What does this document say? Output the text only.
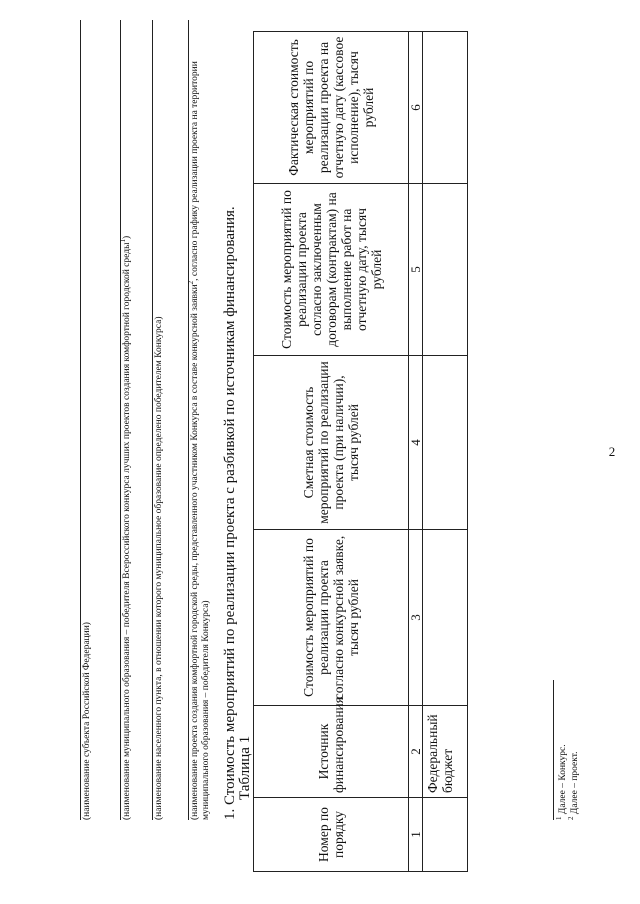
2
(наименование субъекта Российской Федерации)	(наименование муниципального образования – победителя Всероссийского конкурса лучших проектов создания комфортной городской среды$^1$)
(наименование населенного пункта, в отношении которого муниципальное образование определено победителем Конкурса)	(наименование проекта создания комфортной городской среды, представленного участником Конкурса в составе конкурсной заявки$^2$, согласно графику реализации проекта на территории муниципального образования – победителя Конкурса) 1. Стоимость мероприятий по реализации проекта с разбивкой по источникам финансирования. Таблица 1
Номер по порядку	Источник финансирования	Стоимость мероприятий по реализации проекта согласно конкурсной заявке, тысяч рублей	Сметная стоимость мероприятий по реализации проекта (при наличии), тысяч рублей	Стоимость мероприятий по реализации проекта согласно заключенным договорам (контрактам) на выполнение работ на отчетную дату, тысяч рублей	Фактическая стоимость мероприятий по реализации проекта на отчетную дату (кассовое исполнение), тысяч рублей
1	2	3	4	5	6
	Федеральный бюджет				
$^1$ Далее – Конкурс.
$^2$ Далее – проект.
